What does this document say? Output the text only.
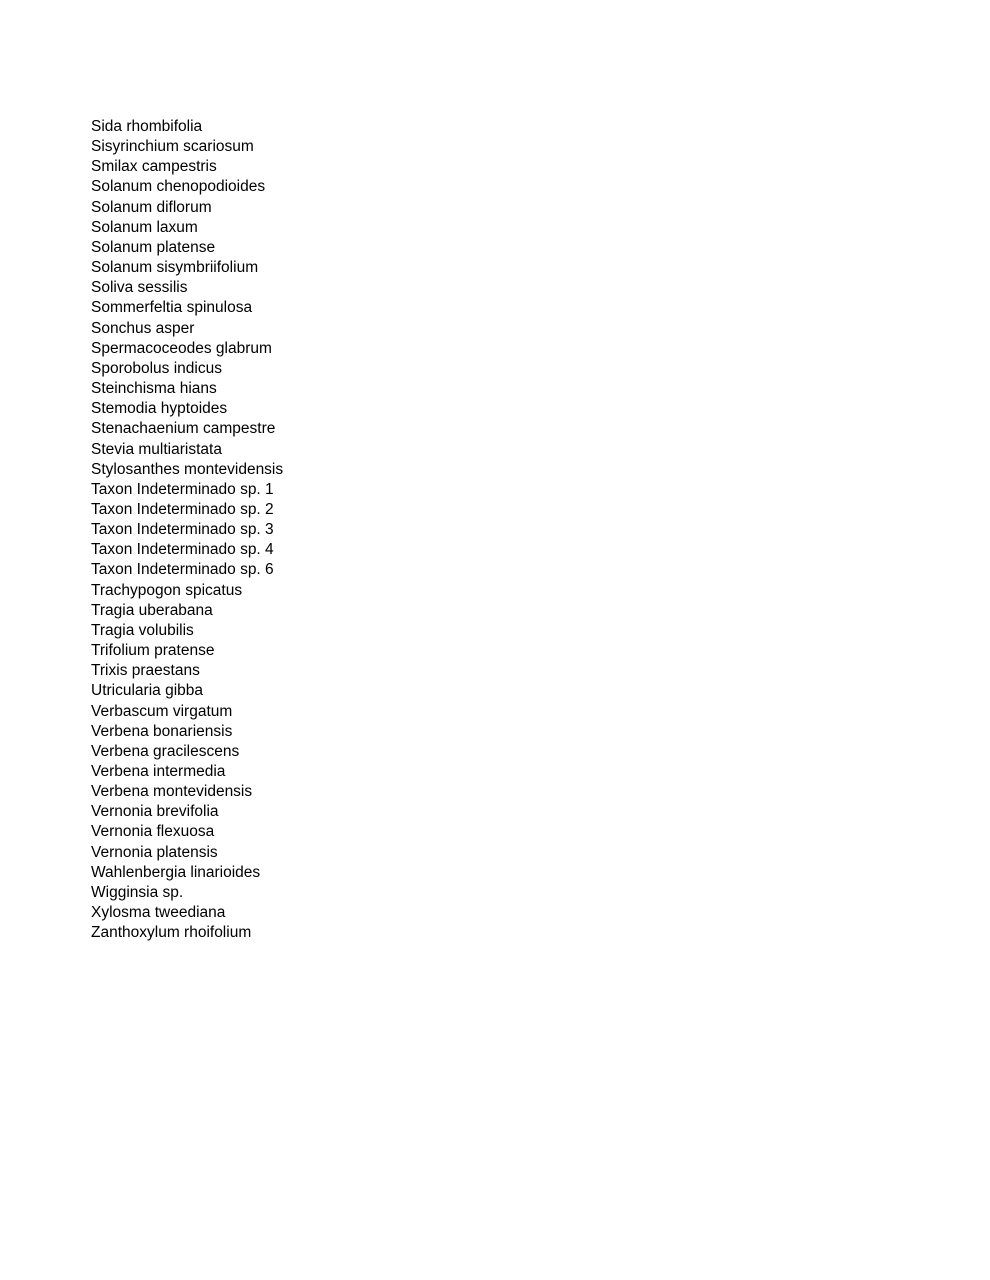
Sida rhombifolia
Sisyrinchium scariosum
Smilax campestris
Solanum chenopodioides
Solanum diflorum
Solanum laxum
Solanum platense
Solanum sisymbriifolium
Soliva sessilis
Sommerfeltia spinulosa
Sonchus asper
Spermacoceodes glabrum
Sporobolus indicus
Steinchisma hians
Stemodia hyptoides
Stenachaenium campestre
Stevia multiaristata
Stylosanthes montevidensis
Taxon Indeterminado sp. 1
Taxon Indeterminado sp. 2
Taxon Indeterminado sp. 3
Taxon Indeterminado sp. 4
Taxon Indeterminado sp. 6
Trachypogon spicatus
Tragia uberabana
Tragia volubilis
Trifolium pratense
Trixis praestans
Utricularia gibba
Verbascum virgatum
Verbena bonariensis
Verbena gracilescens
Verbena intermedia
Verbena montevidensis
Vernonia brevifolia
Vernonia flexuosa
Vernonia platensis
Wahlenbergia linarioides
Wigginsia sp.
Xylosma tweediana
Zanthoxylum rhoifolium
